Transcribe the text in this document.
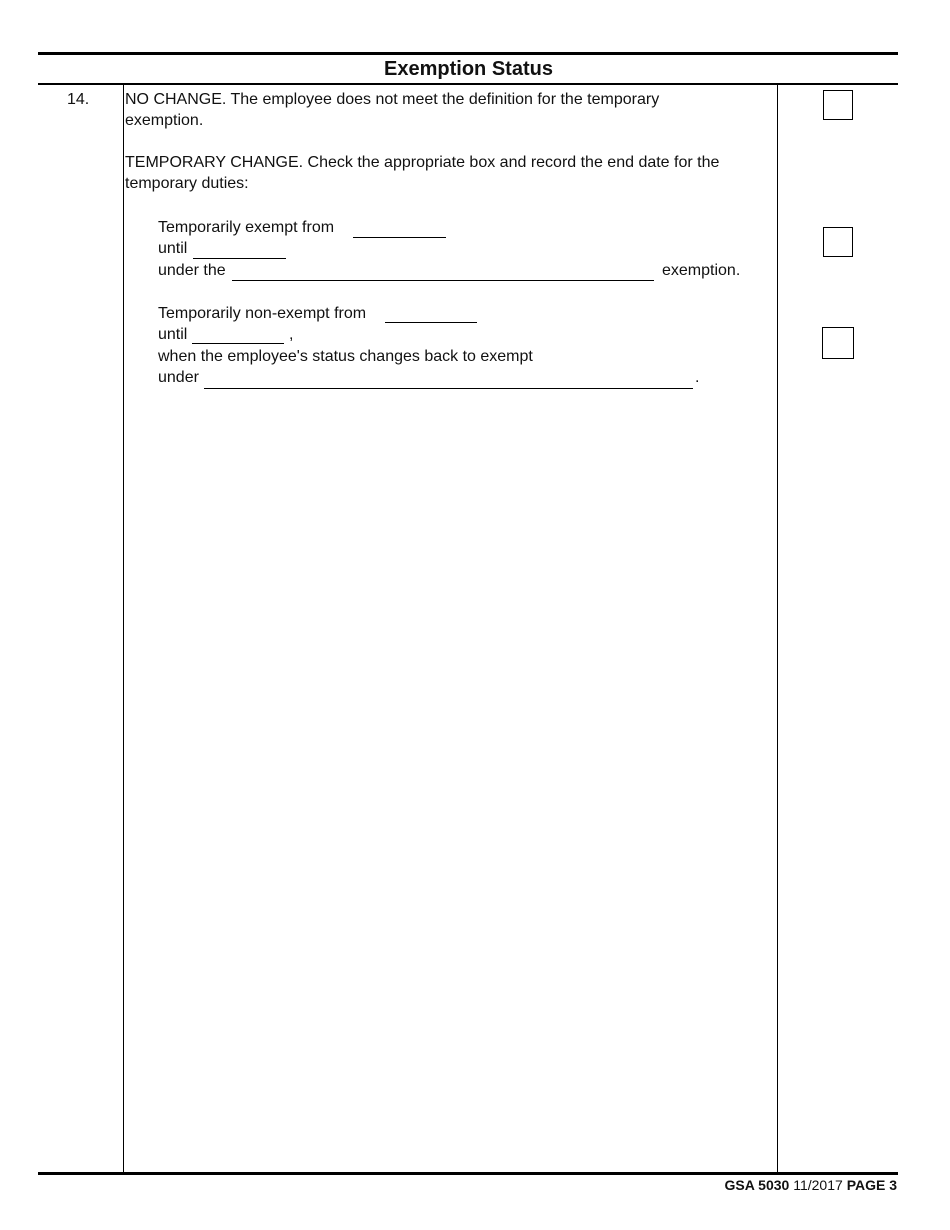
Exemption Status
14. NO CHANGE. The employee does not meet the definition for the temporary
exemption.
TEMPORARY CHANGE. Check the appropriate box and record the end date for the
temporary duties:
Temporarily exempt from
until
under the	exemption.
Temporarily non-exempt from
until	,
when the employee's status changes back to exempt
under	.
GSA 5030 11/2017 PAGE 3
